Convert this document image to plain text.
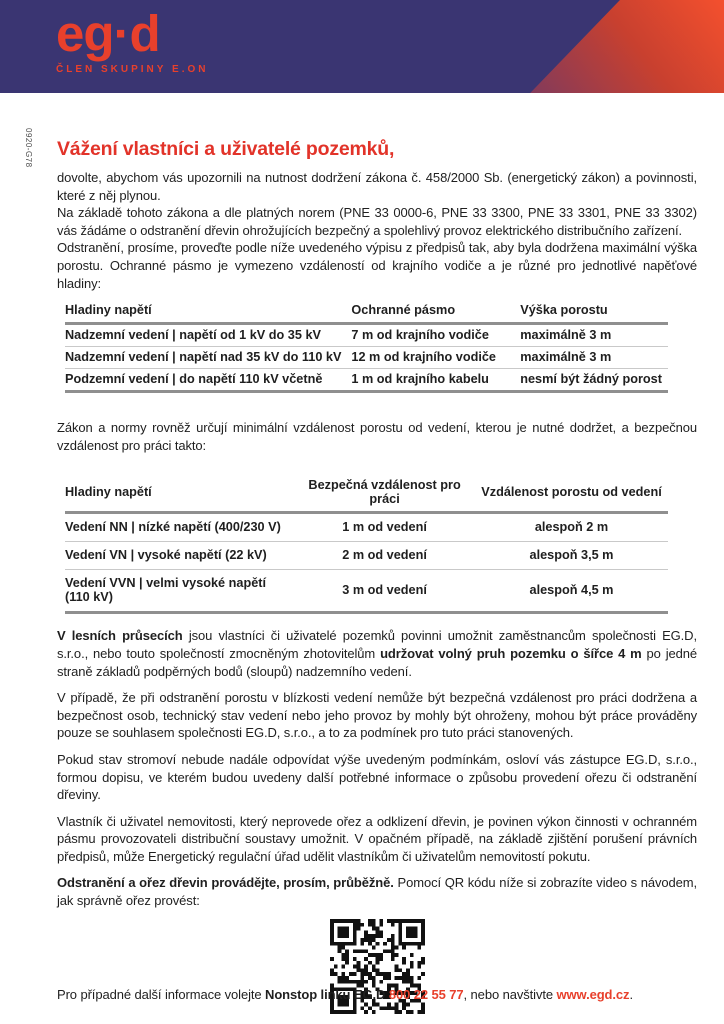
eg·d
ČLEN SKUPINY E.ON
0920-G78 Vážení vlastníci a uživatelé pozemků,

dovolte, abychom vás upozornili na nutnost dodržení zákona č. 458/2000 Sb. (energetický zákon) a povinnosti, které z něj plynou.

Na základě tohoto zákona a dle platných norem (PNE 33 0000-6, PNE 33 3300, PNE 33 3301, PNE 33 3302) vás žádáme o odstranění dřevin ohrožujících bezpečný a spolehlivý provoz elektrického distribučního zařízení.

Odstranění, prosíme, proveďte podle níže uvedeného výpisu z předpisů tak, aby byla dodržena maximální výška porostu. Ochranné pásmo je vymezeno vzdáleností od krajního vodiče a je různé pro jednotlivé napěťové hladiny:

Hladiny napětí	Ochranné pásmo	Výška porostu
Nadzemní vedení | napětí od 1 kV do 35 kV	7 m od krajního vodiče	maximálně 3 m
Nadzemní vedení | napětí nad 35 kV do 110 kV	12 m od krajního vodiče	maximálně 3 m
Podzemní vedení | do napětí 110 kV včetně	1 m od krajního kabelu	nesmí být žádný porost

Zákon a normy rovněž určují minimální vzdálenost porostu od vedení, kterou je nutné dodržet, a bezpečnou vzdálenost pro práci takto:

Hladiny napětí	Bezpečná vzdálenost pro práci	Vzdálenost porostu od vedení
Vedení NN | nízké napětí (400/230 V)	1 m od vedení	alespoň 2 m
Vedení VN | vysoké napětí (22 kV)	2 m od vedení	alespoň 3,5 m
Vedení VVN | velmi vysoké napětí (110 kV)	3 m od vedení	alespoň 4,5 m

V lesních průsecích jsou vlastníci či uživatelé pozemků povinni umožnit zaměstnancům společnosti EG.D, s.r.o., nebo touto společností zmocněným zhotovitelům udržovat volný pruh pozemku o šířce 4 m po jedné straně základů podpěrných bodů (sloupů) nadzemního vedení.

V případě, že při odstranění porostu v blízkosti vedení nemůže být bezpečná vzdálenost pro práci dodržena a bezpečnost osob, technický stav vedení nebo jeho provoz by mohly být ohroženy, mohou být práce prováděny pouze se souhlasem společnosti EG.D, s.r.o., a to za podmínek pro tuto práci stanovených.

Pokud stav stromoví nebude nadále odpovídat výše uvedeným podmínkám, osloví vás zástupce EG.D, s.r.o., formou dopisu, ve kterém budou uvedeny další potřebné informace o způsobu provedení ořezu či odstranění dřeviny.

Vlastník či uživatel nemovitosti, který neprovede ořez a odklizení dřevin, je povinen výkon činnosti v ochranném pásmu provozovateli distribuční soustavy umožnit. V opačném případě, na základě zjištění porušení právních předpisů, může Energetický regulační úřad udělit vlastníkům či uživatelům nemovitostí pokutu.

Odstranění a ořez dřevin provádějte, prosím, průběžně. Pomocí QR kódu níže si zobrazíte video s návodem, jak správně ořez provést:

Pro případné další informace volejte Nonstop linku EG.D 800 22 55 77, nebo navštivte www.egd.cz.
